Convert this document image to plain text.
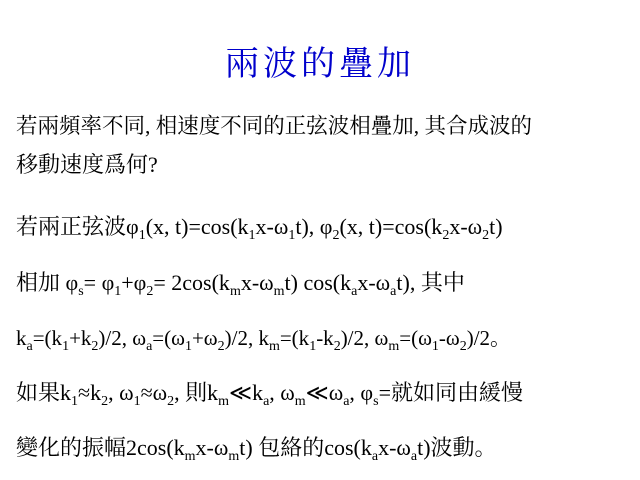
兩波的疊加
若兩頻率不同, 相速度不同的正弦波相疊加, 其合成波的
移動速度爲何?
若兩正弦波$\varphi_1(x$, $t)=\cos(k_1x-\omega_1t)$, $\varphi_2(x$, $t)=\cos(k_2x-\omega_2t)$
相加 $\varphi_s= \varphi_1+\varphi_2= 2\cos(k_mx-\omega_mt)$ $\cos(k_ax-\omega_at)$, 其中
$k_a=(k_1+k_2)/2$, $\omega_a=(\omega_1+\omega_2)/2$, $k_m=(k_1-k_2)/2$, $\omega_m=(\omega_1-\omega_2)/2$。
如果$k_1\approx k_2$, $\omega_1\approx\omega_2$, 則$k_m≪k_a$, $\omega_m≪\omega_a$, $\varphi_s=$就如同由緩慢
變化的振幅$2\cos(k_mx-\omega_mt)$ 包絡的$\cos(k_ax-\omega_at)$波動。
